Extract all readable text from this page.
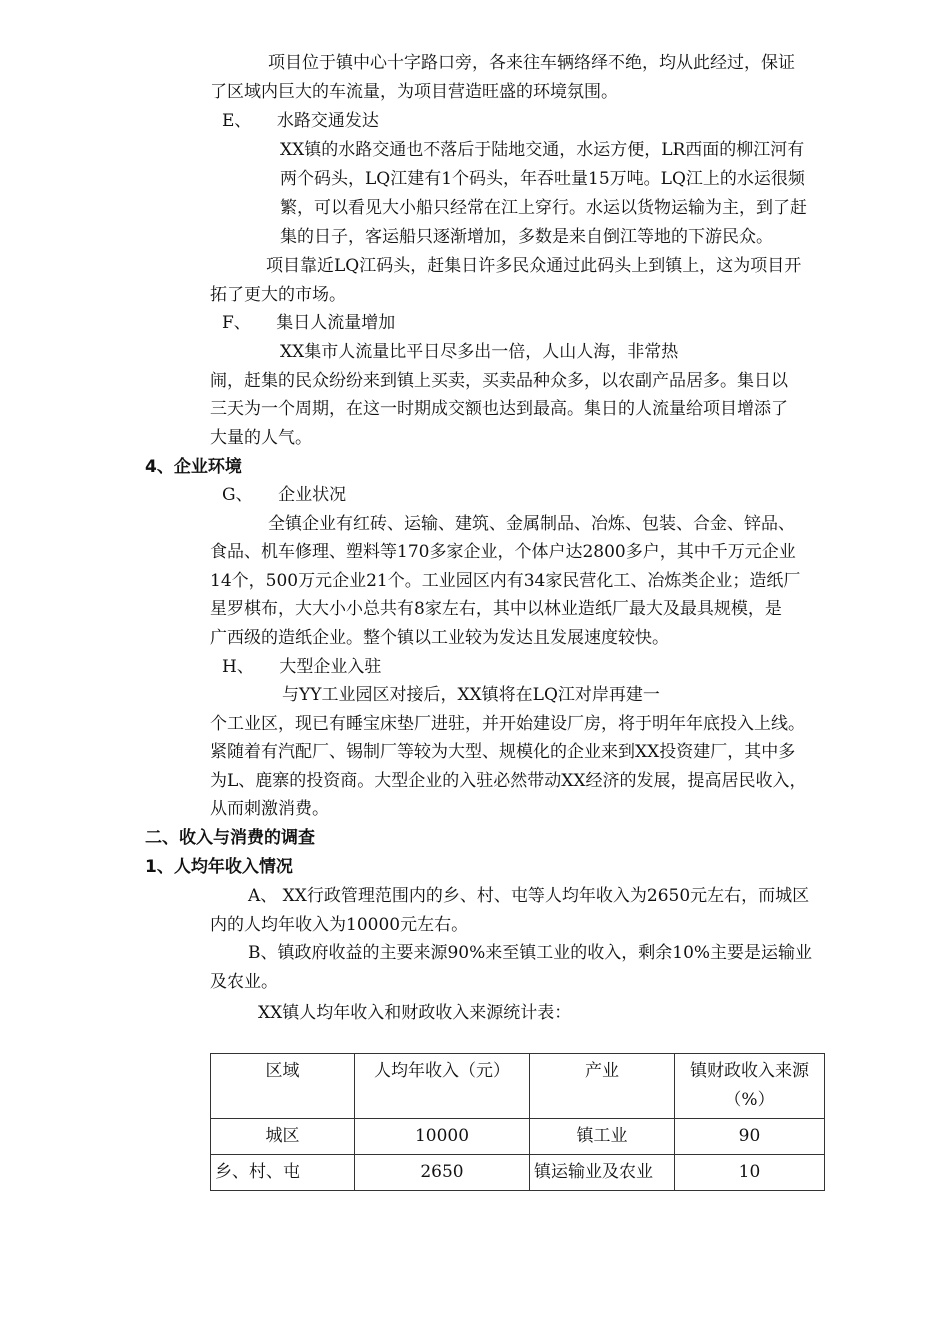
项目位于镇中心十字路口旁，各来往车辆络绎不绝，均从此经过，保证
了区域内巨大的车流量，为项目营造旺盛的环境氛围。
E、　　水路交通发达
XX镇的水路交通也不落后于陆地交通，水运方便，LR西面的柳江河有
两个码头，LQ江建有1个码头，年吞吐量15万吨。LQ江上的水运很频
繁，可以看见大小船只经常在江上穿行。水运以货物运输为主，到了赶
集的日子，客运船只逐渐增加，多数是来自倒江等地的下游民众。
项目靠近LQ江码头，赶集日许多民众通过此码头上到镇上，这为项目开
拓了更大的市场。
F、　　集日人流量增加
XX集市人流量比平日尽多出一倍，人山人海，非常热
闹，赶集的民众纷纷来到镇上买卖，买卖品种众多，以农副产品居多。集日以
三天为一个周期，在这一时期成交额也达到最高。集日的人流量给项目增添了
大量的人气。
4、企业环境
G、　　企业状况
全镇企业有红砖、运输、建筑、金属制品、冶炼、包装、合金、锌品、
食品、机车修理、塑料等170多家企业，个体户达2800多户，其中千万元企业
14个，500万元企业21个。工业园区内有34家民营化工、冶炼类企业；造纸厂
星罗棋布，大大小小总共有8家左右，其中以林业造纸厂最大及最具规模，是
广西级的造纸企业。整个镇以工业较为发达且发展速度较快。
H、　　大型企业入驻
与YY工业园区对接后，XX镇将在LQ江对岸再建一
个工业区，现已有睡宝床垫厂进驻，并开始建设厂房，将于明年年底投入上线。
紧随着有汽配厂、锡制厂等较为大型、规模化的企业来到XX投资建厂，其中多
为L、鹿寨的投资商。大型企业的入驻必然带动XX经济的发展，提高居民收入，
从而刺激消费。
二、收入与消费的调查
1、人均年收入情况
A、 XX行政管理范围内的乡、村、屯等人均年收入为2650元左右，而城区
内的人均年收入为10000元左右。
B、镇政府收益的主要来源90%来至镇工业的收入，剩余10%主要是运输业
及农业。
XX镇人均年收入和财政收入来源统计表：
区域	人均年收入（元）	产业	镇财政收入来源（%）
城区	10000	镇工业	90
乡、村、屯	2650	镇运输业及农业	10
